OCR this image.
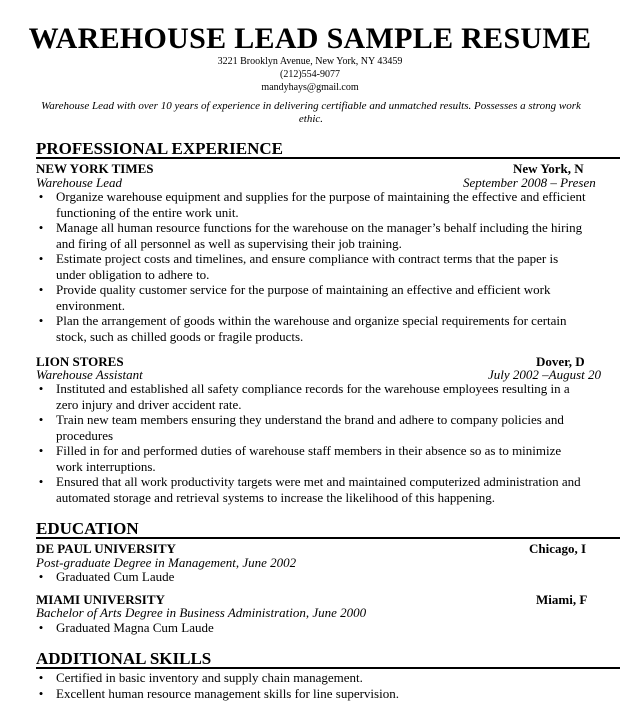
WAREHOUSE LEAD SAMPLE RESUME
3221 Brooklyn Avenue, New York, NY 43459
(212)554-9077
mandyhays@gmail.com
Warehouse Lead with over 10 years of experience in delivering certifiable and unmatched results. Possesses a strong work ethic.
PROFESSIONAL EXPERIENCE
NEW YORK TIMES	New York, N
Warehouse Lead	September 2008 – Presen
• Organize warehouse equipment and supplies for the purpose of maintaining the effective and efficient functioning of the entire work unit.
• Manage all human resource functions for the warehouse on the manager’s behalf including the hiring and firing of all personnel as well as supervising their job training.
• Estimate project costs and timelines, and ensure compliance with contract terms that the paper is under obligation to adhere to.
• Provide quality customer service for the purpose of maintaining an effective and efficient work environment.
• Plan the arrangement of goods within the warehouse and organize special requirements for certain stock, such as chilled goods or fragile products.
LION STORES	Dover, D
Warehouse Assistant	July 2002 –August 20
• Instituted and established all safety compliance records for the warehouse employees resulting in a zero injury and driver accident rate.
• Train new team members ensuring they understand the brand and adhere to company policies and procedures
• Filled in for and performed duties of warehouse staff members in their absence so as to minimize work interruptions.
• Ensured that all work productivity targets were met and maintained computerized administration and automated storage and retrieval systems to increase the likelihood of this happening.
EDUCATION
DE PAUL UNIVERSITY	Chicago, I
Post-graduate Degree in Management, June 2002
• Graduated Cum Laude
MIAMI UNIVERSITY	Miami, F
Bachelor of Arts Degree in Business Administration, June 2000
• Graduated Magna Cum Laude
ADDITIONAL SKILLS
• Certified in basic inventory and supply chain management.
• Excellent human resource management skills for line supervision.
